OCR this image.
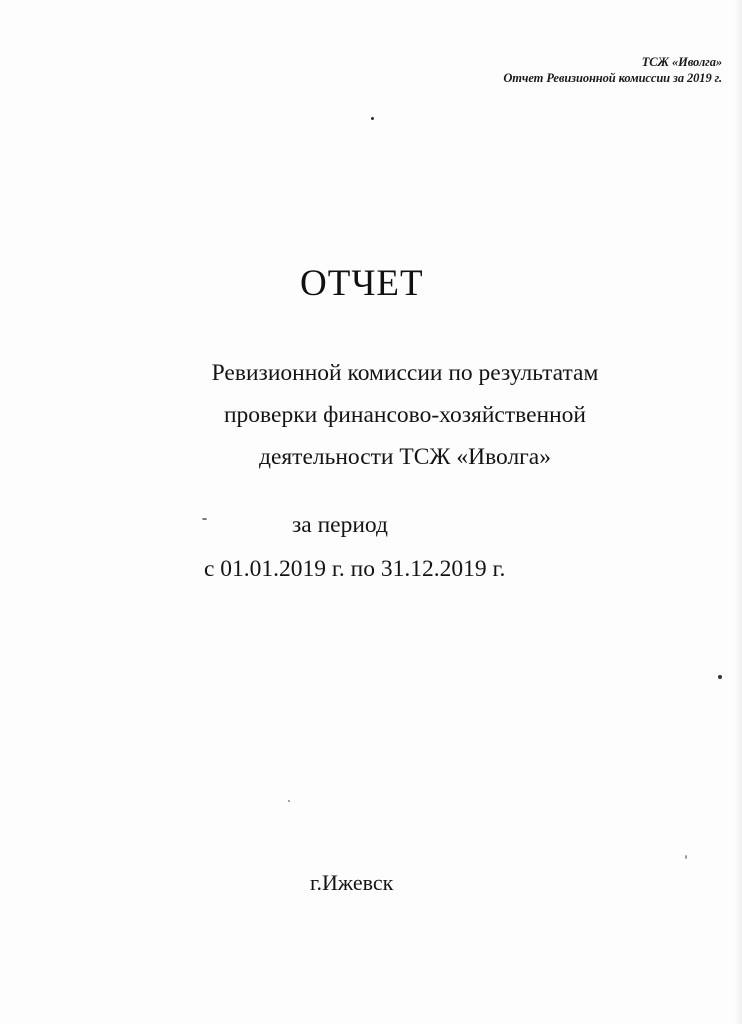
ТСЖ «Иволга»
Отчет Ревизионной комиссии за 2019 г.
ОТЧЕТ
Ревизионной комиссии по результатам
проверки финансово-хозяйственной
деятельности ТСЖ «Иволга»
за период
с 01.01.2019 г. по 31.12.2019 г.
г.Ижевск
